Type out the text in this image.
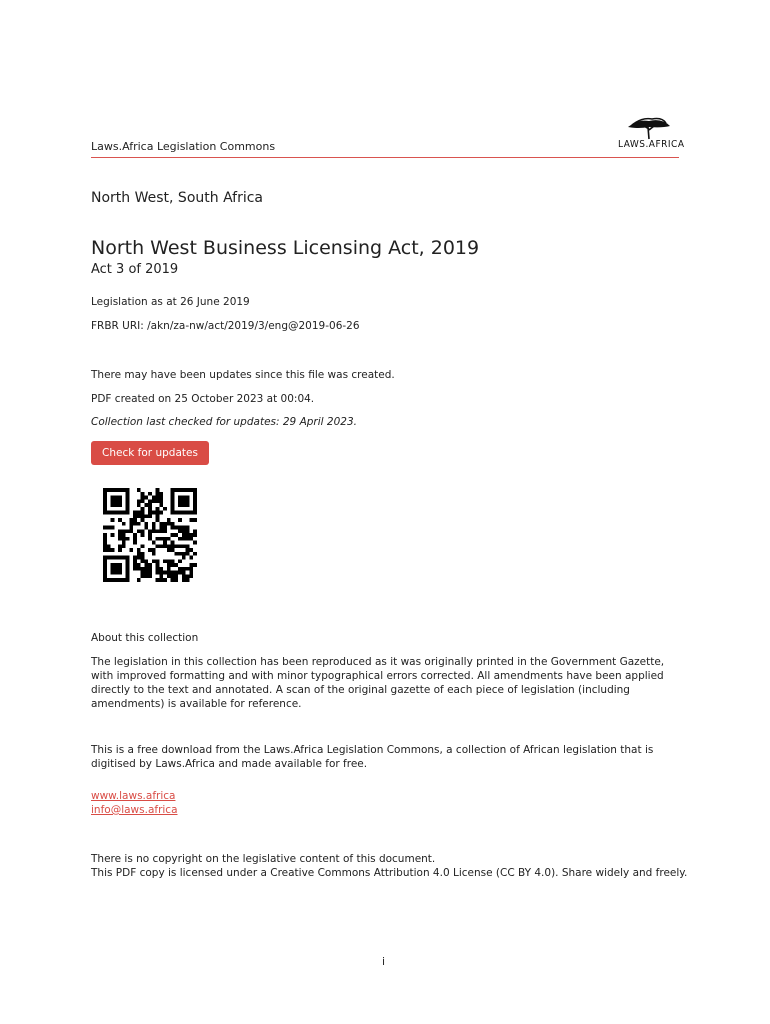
Laws.Africa Legislation Commons	LAWS.AFRICA
North West, South Africa
North West Business Licensing Act, 2019
Act 3 of 2019
Legislation as at 26 June 2019
FRBR URI: /akn/za-nw/act/2019/3/eng@2019-06-26
There may have been updates since this file was created.
PDF created on 25 October 2023 at 00:04.
Collection last checked for updates: 29 April 2023.
Check for updates
About this collection
The legislation in this collection has been reproduced as it was originally printed in the Government Gazette, with improved formatting and with minor typographical errors corrected. All amendments have been applied directly to the text and annotated. A scan of the original gazette of each piece of legislation (including amendments) is available for reference.
This is a free download from the Laws.Africa Legislation Commons, a collection of African legislation that is digitised by Laws.Africa and made available for free.
www.laws.africa
info@laws.africa
There is no copyright on the legislative content of this document.
This PDF copy is licensed under a Creative Commons Attribution 4.0 License (CC BY 4.0). Share widely and freely.
i
